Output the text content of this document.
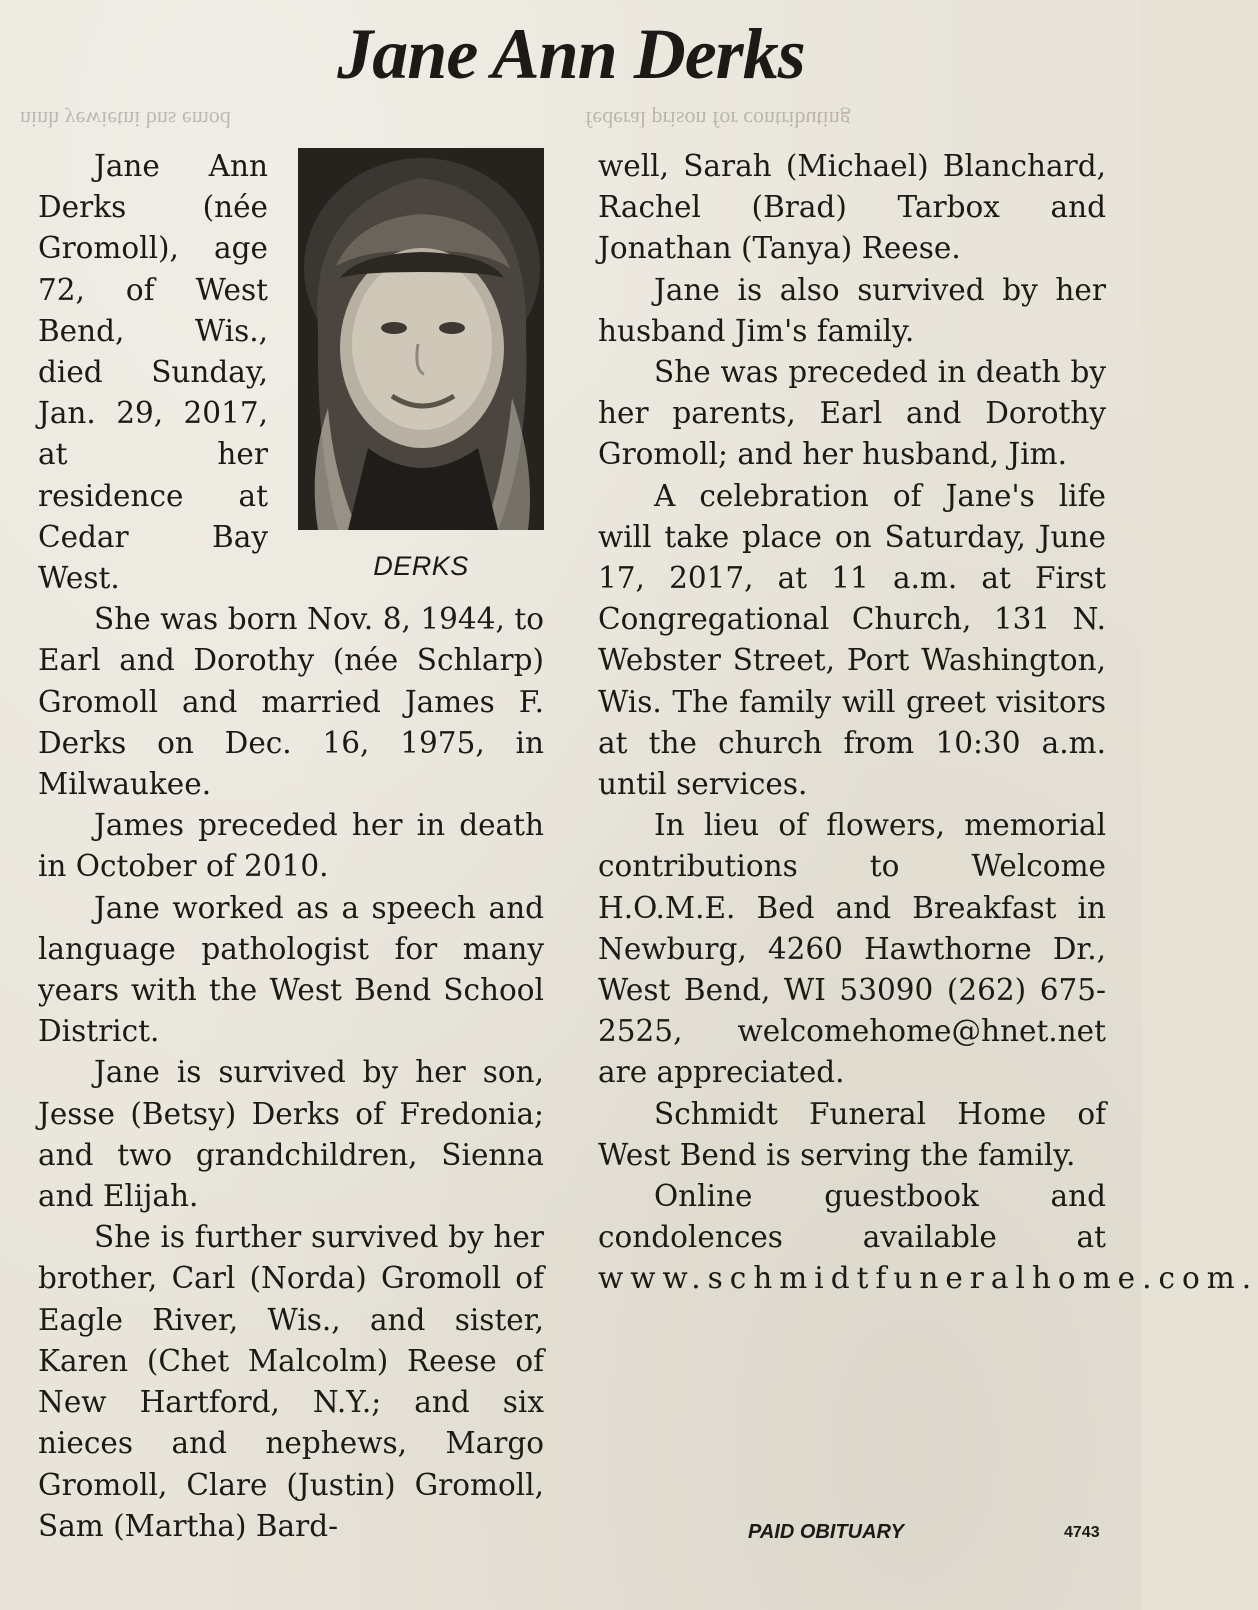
ninh yewietni bns emod	federal prison for contributing
Jane Ann Derks
DERKS

Jane Ann Derks (née Gromoll), age 72, of West Bend, Wis., died Sunday, Jan. 29, 2017, at her residence at Cedar Bay West.

She was born Nov. 8, 1944, to Earl and Dorothy (née Schlarp) Gromoll and married James F. Derks on Dec. 16, 1975, in Milwaukee.

James preceded her in death in October of 2010.

Jane worked as a speech and language pathologist for many years with the West Bend School District.

Jane is survived by her son, Jesse (Betsy) Derks of Fredonia; and two grandchildren, Sienna and Elijah.

She is further survived by her brother, Carl (Norda) Gromoll of Eagle River, Wis., and sister, Karen (Chet Malcolm) Reese of New Hartford, N.Y.; and six nieces and nephews, Margo Gromoll, Clare (Justin) Gromoll, Sam (Martha) Bard-

well, Sarah (Michael) Blanchard, Rachel (Brad) Tarbox and Jonathan (Tanya) Reese.

Jane is also survived by her husband Jim's family.

She was preceded in death by her parents, Earl and Dorothy Gromoll; and her husband, Jim.

A celebration of Jane's life will take place on Saturday, June 17, 2017, at 11 a.m. at First Congregational Church, 131 N. Webster Street, Port Washington, Wis. The family will greet visitors at the church from 10:30 a.m. until services.

In lieu of flowers, memorial contributions to Welcome H.O.M.E. Bed and Breakfast in Newburg, 4260 Hawthorne Dr., West Bend, WI 53090 (262) 675-2525, welcomehome@hnet.net are appreciated.

Schmidt Funeral Home of West Bend is serving the family.

Online guestbook and condolences available at www.schmidtfuneralhome.com.

PAID OBITUARY	4743
